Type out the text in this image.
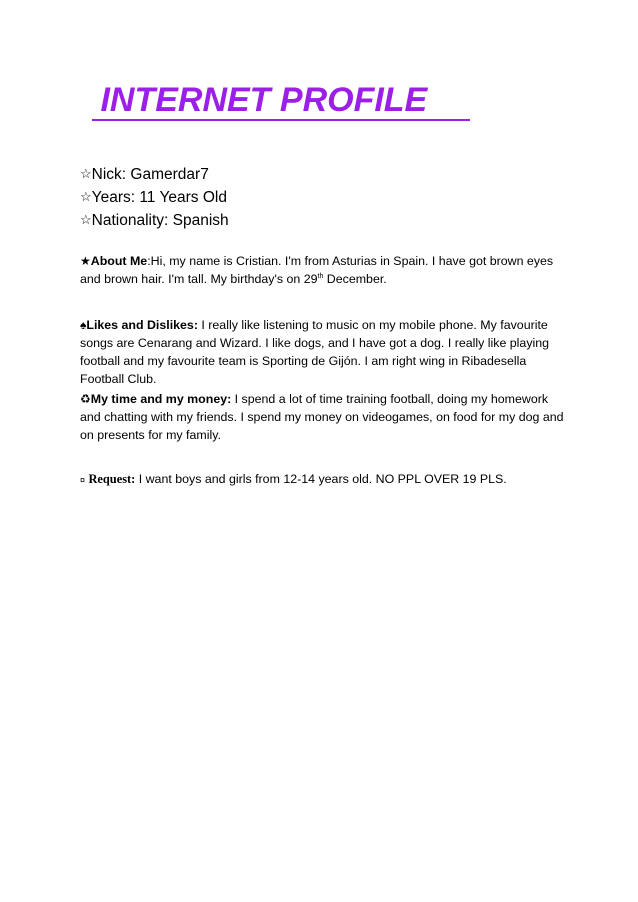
INTERNET PROFILE
☆Nick: Gamerdar7
☆Years: 11 Years Old
☆Nationality: Spanish

★About Me:Hi, my name is Cristian. I'm from Asturias in Spain. I have got brown eyes and brown hair. I'm tall. My birthday's on 29th December.

♠Likes and Dislikes: I really like listening to music on my mobile phone. My favourite songs are Cenarang and Wizard. I like dogs, and I have got a dog. I really like playing football and my favourite team is Sporting de Gijón. I am right wing in Ribadesella Football Club.

♻My time and my money: I spend a lot of time training football, doing my homework and chatting with my friends. I spend my money on videogames, on food for my dog and on presents for my family.

¤ Request: I want boys and girls from 12-14 years old. NO PPL OVER 19 PLS.
